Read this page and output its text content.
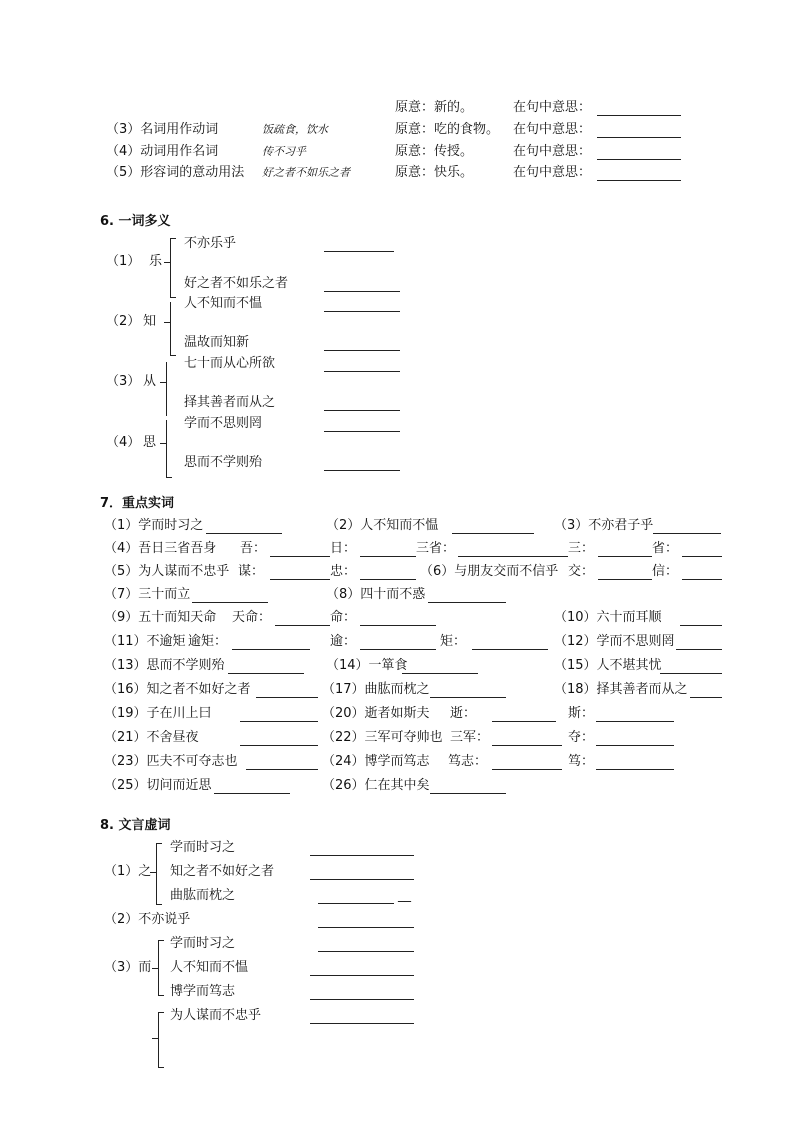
原意：新的。	在句中意思：
（3）名词用作动词	饭疏食，饮水	原意：吃的食物。 在句中意思：
（4）动词用作名词	传不习乎	原意：传授。	在句中意思：
（5）形容词的意动用法 好之者不如乐之者	原意：快乐。	在句中意思：
6. 一词多义
（1） 乐
不亦乐乎
好之者不如乐之者
（2） 知
人不知而不愠
温故而知新
（3） 从
七十而从心所欲
择其善者而从之
（4） 思
学而不思则罔
思而不学则殆
7．重点实词
（1）学而时习之	（2）人不知而不愠	（3）不亦君子乎
（4）吾日三省吾身 吾：	日：	三省：	三：	省：
（5）为人谋而不忠乎 谋：	忠：	（6）与朋友交而不信乎 交：	信：
（7）三十而立	（8）四十而不惑
（9）五十而知天命 天命：	命：	（10）六十而耳顺
（11）不逾矩 逾矩：	逾：	矩：	（12）学而不思则罔
（13）思而不学则殆	（14）一箪食	（15）人不堪其忧
（16）知之者不如好之者	（17）曲肱而枕之	（18）择其善者而从之
（19）子在川上曰	（20）逝者如斯夫 逝：	斯：
（21）不舍昼夜	（22）三军可夺帅也 三军：	夺：
（23）匹夫不可夺志也	（24）博学而笃志 笃志：	笃：
（25）切问而近思	（26）仁在其中矣
8. 文言虚词
（1）之
学而时习之
知之者不如好之者
曲肱而枕之	__
（2）不亦说乎
（3）而
学而时习之
人不知而不愠
博学而笃志
为人谋而不忠乎
